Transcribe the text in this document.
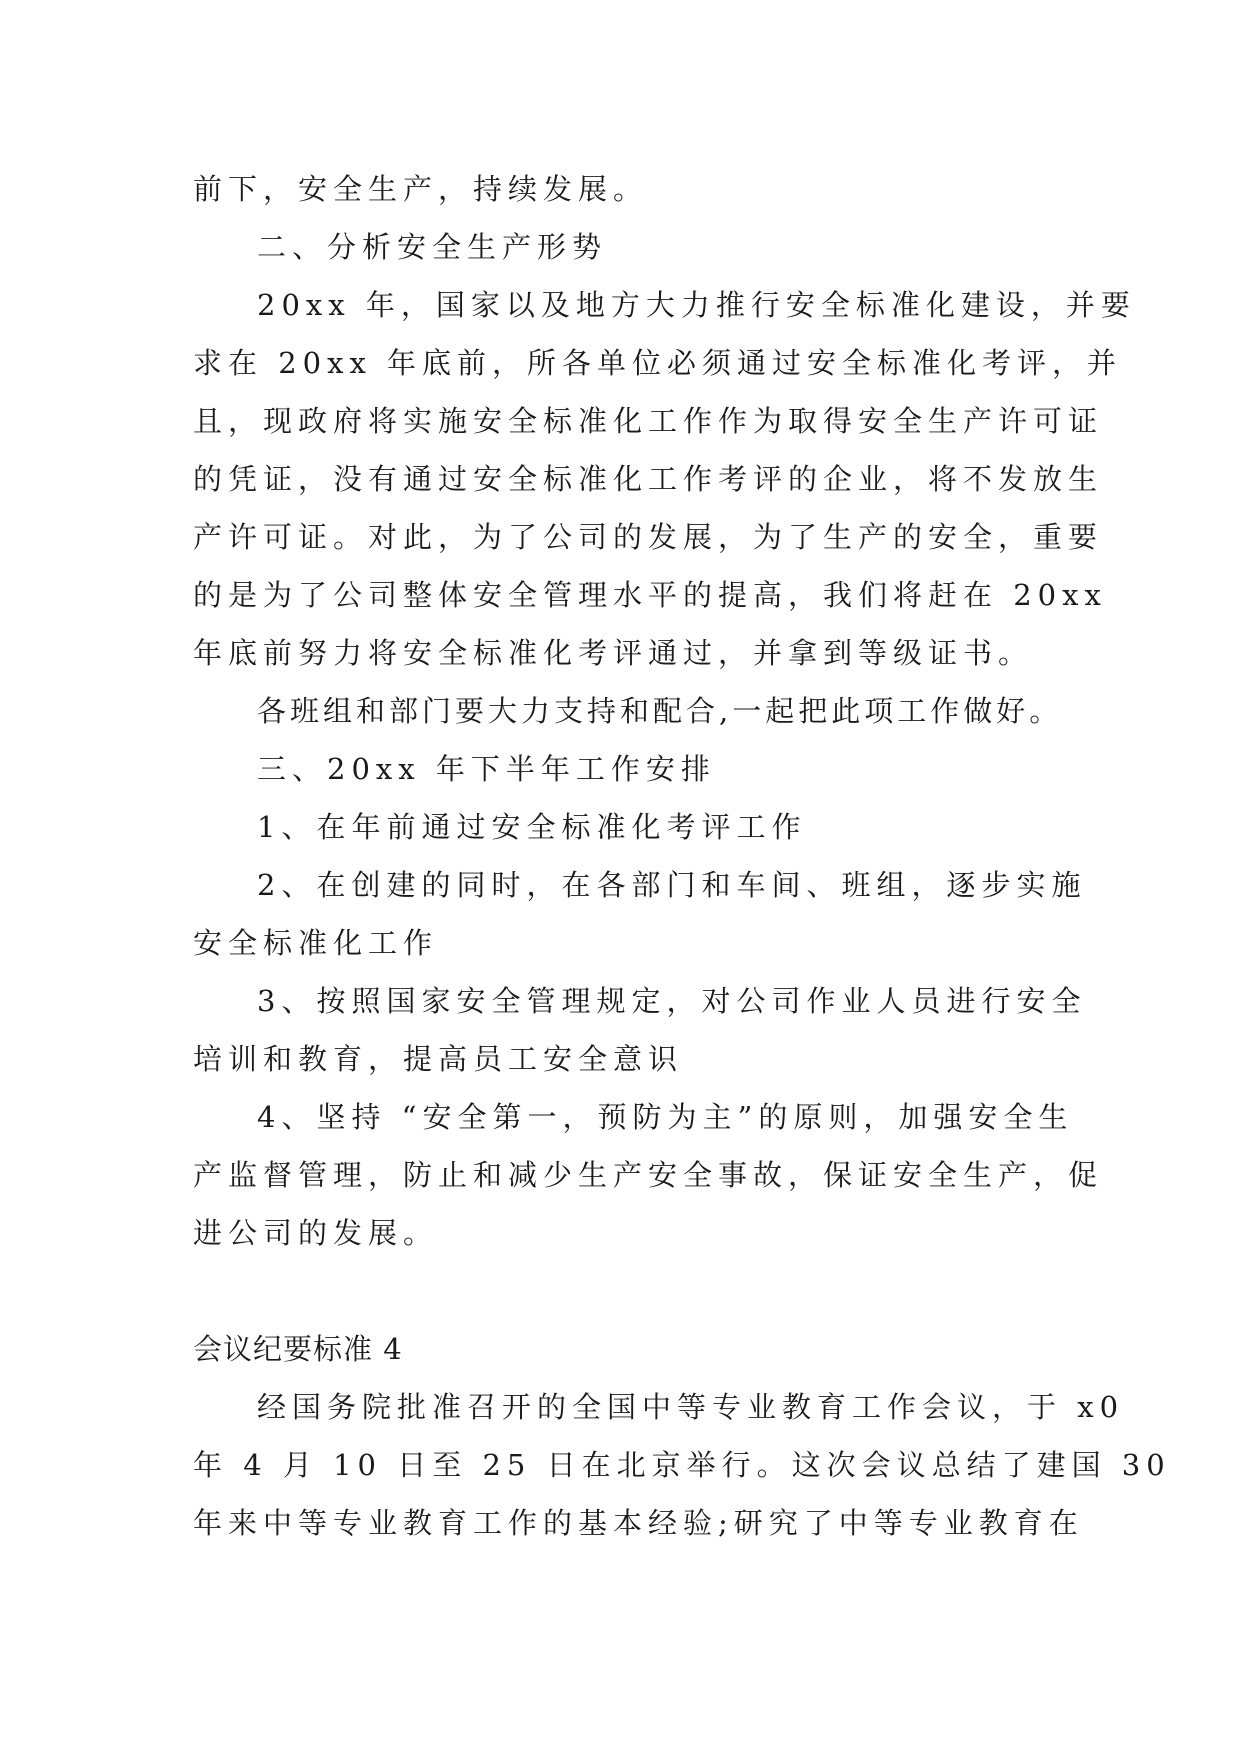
前下，安全生产，持续发展。
二、分析安全生产形势
20xx 年，国家以及地方大力推行安全标准化建设，并要
求在 20xx 年底前，所各单位必须通过安全标准化考评，并
且，现政府将实施安全标准化工作作为取得安全生产许可证
的凭证，没有通过安全标准化工作考评的企业，将不发放生
产许可证。对此，为了公司的发展，为了生产的安全，重要
的是为了公司整体安全管理水平的提高，我们将赶在 20xx
年底前努力将安全标准化考评通过，并拿到等级证书。
各班组和部门要大力支持和配合,一起把此项工作做好。
三、20xx 年下半年工作安排
1、在年前通过安全标准化考评工作
2、在创建的同时，在各部门和车间、班组，逐步实施
安全标准化工作
3、按照国家安全管理规定，对公司作业人员进行安全
培训和教育，提高员工安全意识
4、坚持 “安全第一，预防为主”的原则，加强安全生
产监督管理，防止和减少生产安全事故，保证安全生产，促
进公司的发展。
会议纪要标准 4
经国务院批准召开的全国中等专业教育工作会议，于 x0
年 4 月 10 日至 25 日在北京举行。这次会议总结了建国 30
年来中等专业教育工作的基本经验;研究了中等专业教育在
